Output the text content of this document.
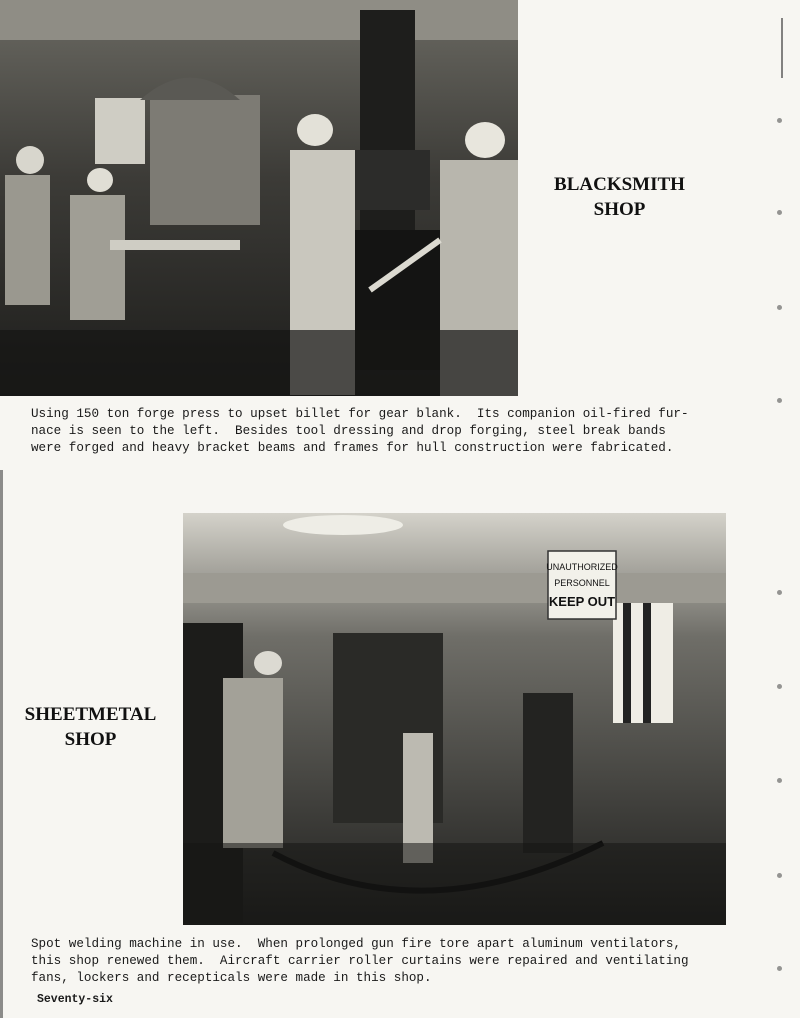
BLACKSMITH
SHOP
Using 150 ton forge press to upset billet for gear blank.  Its companion oil-fired fur-
nace is seen to the left.  Besides tool dressing and drop forging, steel break bands
were forged and heavy bracket beams and frames for hull construction were fabricated.
UNAUTHORIZED
PERSONNEL
KEEP OUT
SHEETMETAL
SHOP
Spot welding machine in use.  When prolonged gun fire tore apart aluminum ventilators,
this shop renewed them.  Aircraft carrier roller curtains were repaired and ventilating
fans, lockers and recepticals were made in this shop.
Seventy-six
